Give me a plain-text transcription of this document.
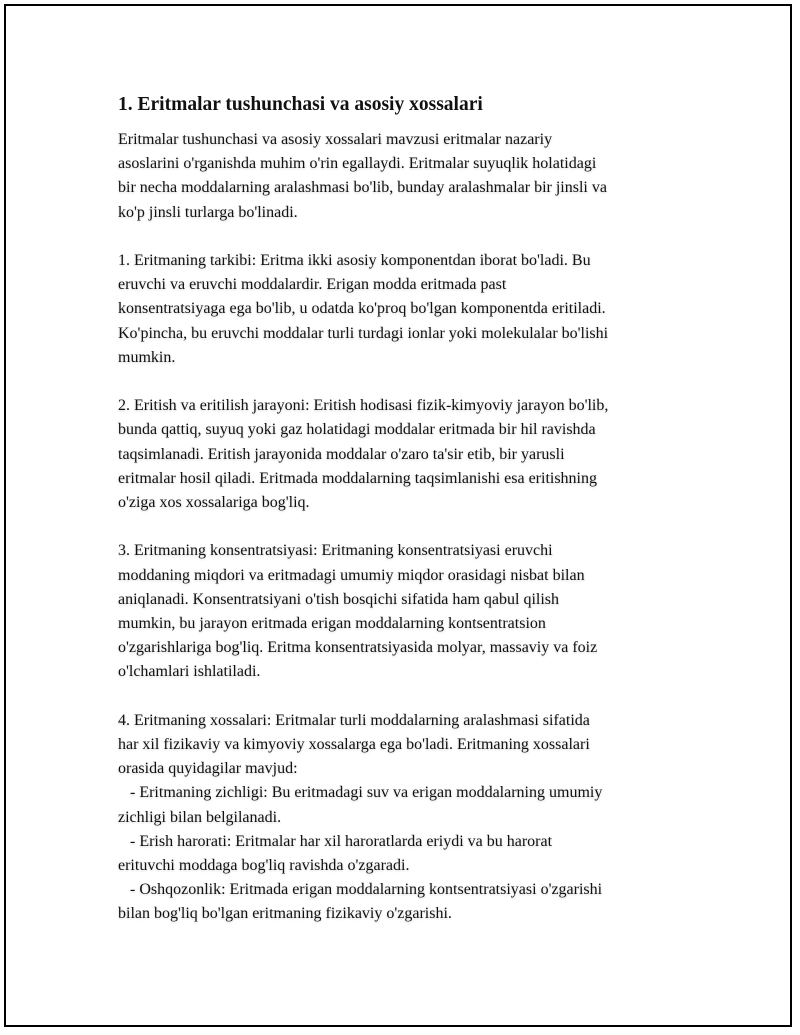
1. Eritmalar tushunchasi va asosiy xossalari
Eritmalar tushunchasi va asosiy xossalari mavzusi eritmalar nazariy
asoslarini o'rganishda muhim o'rin egallaydi. Eritmalar suyuqlik holatidagi
bir necha moddalarning aralashmasi bo'lib, bunday aralashmalar bir jinsli va
ko'p jinsli turlarga bo'linadi.
1. Eritmaning tarkibi: Eritma ikki asosiy komponentdan iborat bo'ladi. Bu
eruvchi va eruvchi moddalardir. Erigan modda eritmada past
konsentratsiyaga ega bo'lib, u odatda ko'proq bo'lgan komponentda eritiladi.
Ko'pincha, bu eruvchi moddalar turli turdagi ionlar yoki molekulalar bo'lishi
mumkin.
2. Eritish va eritilish jarayoni: Eritish hodisasi fizik-kimyoviy jarayon bo'lib,
bunda qattiq, suyuq yoki gaz holatidagi moddalar eritmada bir hil ravishda
taqsimlanadi. Eritish jarayonida moddalar o'zaro ta'sir etib, bir yarusli
eritmalar hosil qiladi. Eritmada moddalarning taqsimlanishi esa eritishning
o'ziga xos xossalariga bog'liq.
3. Eritmaning konsentratsiyasi: Eritmaning konsentratsiyasi eruvchi
moddaning miqdori va eritmadagi umumiy miqdor orasidagi nisbat bilan
aniqlanadi. Konsentratsiyani o'tish bosqichi sifatida ham qabul qilish
mumkin, bu jarayon eritmada erigan moddalarning kontsentratsion
o'zgarishlariga bog'liq. Eritma konsentratsiyasida molyar, massaviy va foiz
o'lchamlari ishlatiladi.
4. Eritmaning xossalari: Eritmalar turli moddalarning aralashmasi sifatida
har xil fizikaviy va kimyoviy xossalarga ega bo'ladi. Eritmaning xossalari
orasida quyidagilar mavjud:
- Eritmaning zichligi: Bu eritmadagi suv va erigan moddalarning umumiy
zichligi bilan belgilanadi.
- Erish harorati: Eritmalar har xil haroratlarda eriydi va bu harorat
erituvchi moddaga bog'liq ravishda o'zgaradi.
- Oshqozonlik: Eritmada erigan moddalarning kontsentratsiyasi o'zgarishi
bilan bog'liq bo'lgan eritmaning fizikaviy o'zgarishi.
